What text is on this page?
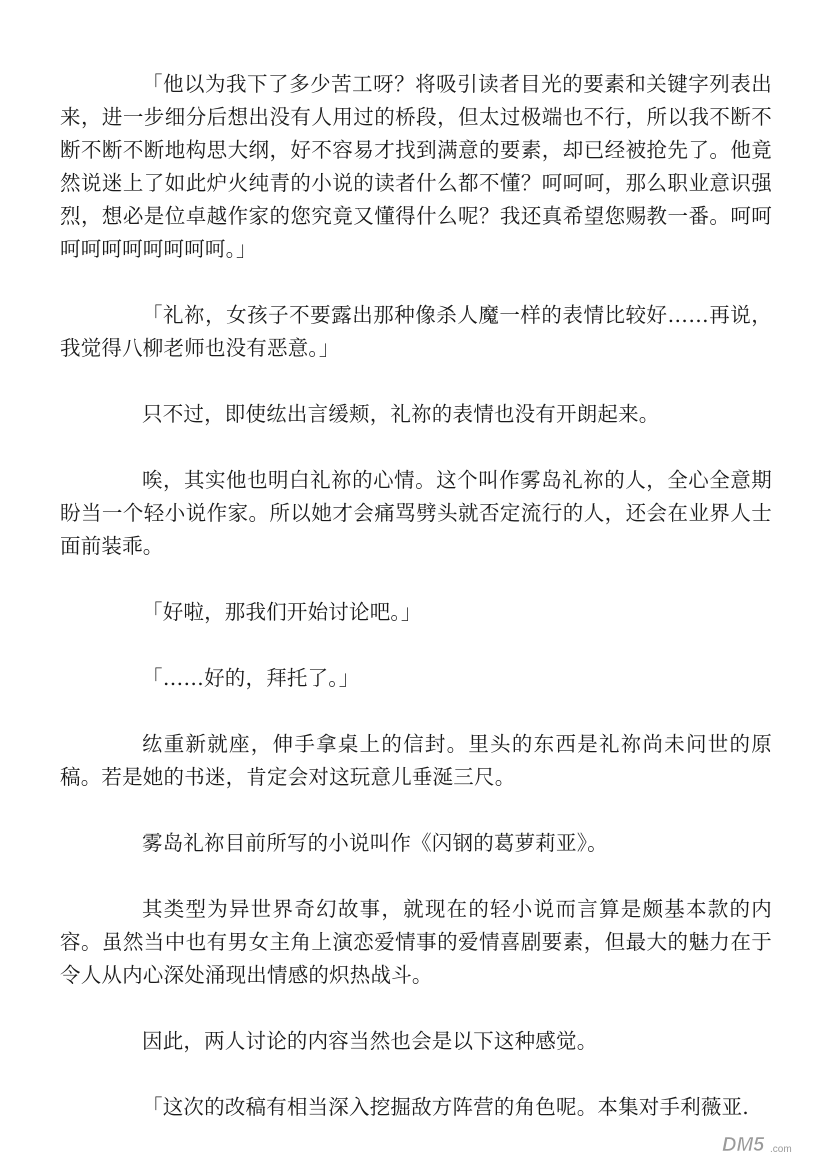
「他以为我下了多少苦工呀？将吸引读者目光的要素和关键字列表出来，进一步细分后想出没有人用过的桥段，但太过极端也不行，所以我不断不断不断不断地构思大纲，好不容易才找到满意的要素，却已经被抢先了。他竟然说迷上了如此炉火纯青的小说的读者什么都不懂？呵呵呵，那么职业意识强烈，想必是位卓越作家的您究竟又懂得什么呢？我还真希望您赐教一番。呵呵呵呵呵呵呵呵呵呵。」

「礼祢，女孩子不要露出那种像杀人魔一样的表情比较好……再说，我觉得八柳老师也没有恶意。」

只不过，即使纮出言缓颊，礼祢的表情也没有开朗起来。

唉，其实他也明白礼祢的心情。这个叫作雾岛礼祢的人，全心全意期盼当一个轻小说作家。所以她才会痛骂劈头就否定流行的人，还会在业界人士面前装乖。

「好啦，那我们开始讨论吧。」

「……好的，拜托了。」

纮重新就座，伸手拿桌上的信封。里头的东西是礼祢尚未问世的原稿。若是她的书迷，肯定会对这玩意儿垂涎三尺。

雾岛礼祢目前所写的小说叫作《闪钢的葛萝莉亚》。

其类型为异世界奇幻故事，就现在的轻小说而言算是颇基本款的内容。虽然当中也有男女主角上演恋爱情事的爱情喜剧要素，但最大的魅力在于令人从内心深处涌现出情感的炽热战斗。

因此，两人讨论的内容当然也会是以下这种感觉。

「这次的改稿有相当深入挖掘敌方阵营的角色呢。本集对手利薇亚.

DM5 .com
